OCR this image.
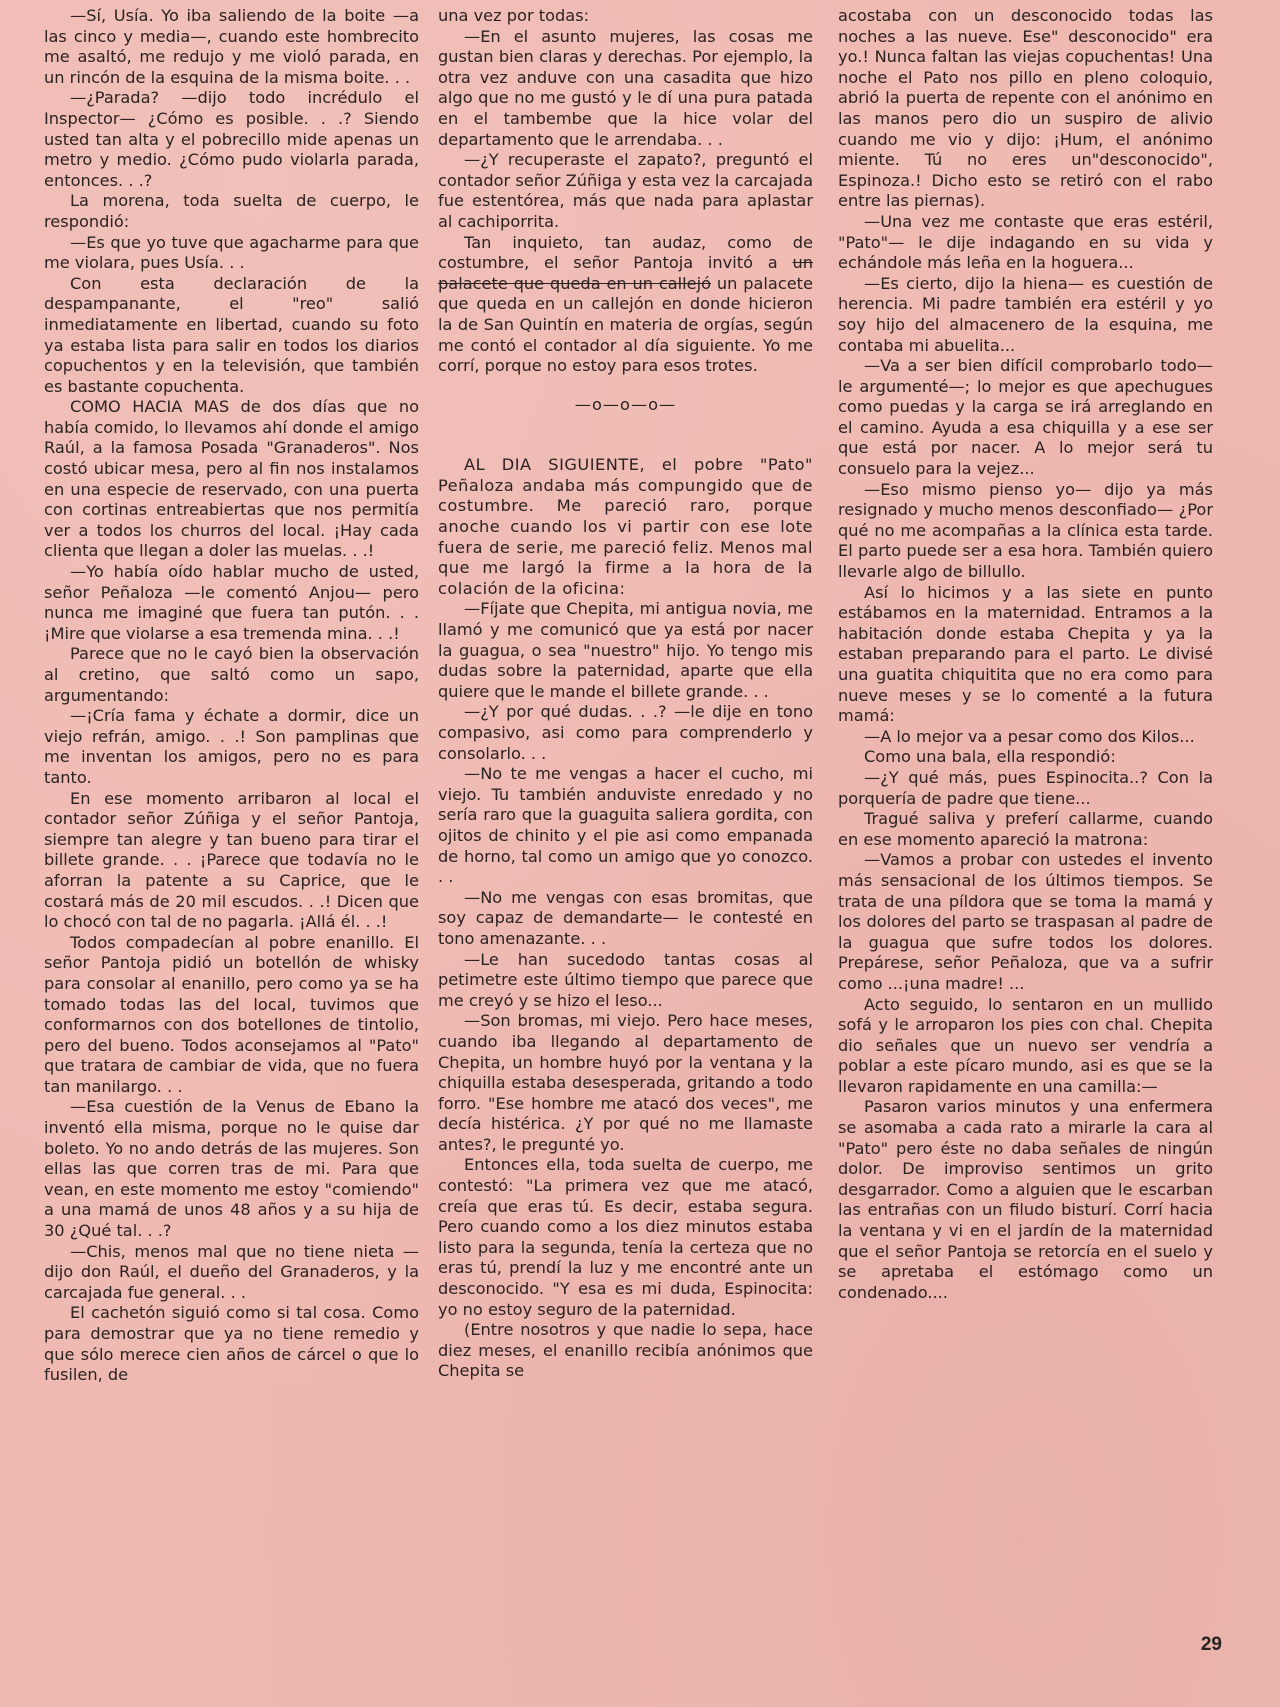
—Sí, Usía. Yo iba saliendo de la boite —a las cinco y media—, cuando este hombrecito me asaltó, me redujo y me violó parada, en un rincón de la esquina de la misma boite. . .

—¿Parada? —dijo todo incrédulo el Inspector— ¿Cómo es posible. . .? Siendo usted tan alta y el pobrecillo mide apenas un metro y medio. ¿Cómo pudo violarla parada, entonces. . .?

La morena, toda suelta de cuerpo, le respondió:

—Es que yo tuve que agacharme para que me violara, pues Usía. . .

Con esta declaración de la despampanante, el "reo" salió inmediatamente en libertad, cuando su foto ya estaba lista para salir en todos los diarios copuchentos y en la televisión, que también es bastante copuchenta.

COMO HACIA MAS de dos días que no había comido, lo llevamos ahí donde el amigo Raúl, a la famosa Posada "Granaderos". Nos costó ubicar mesa, pero al fin nos instalamos en una especie de reservado, con una puerta con cortinas entreabiertas que nos permitía ver a todos los churros del local. ¡Hay cada clienta que llegan a doler las muelas. . .!

—Yo había oído hablar mucho de usted, señor Peñaloza —le comentó Anjou— pero nunca me imaginé que fuera tan putón. . . ¡Mire que violarse a esa tremenda mina. . .!

Parece que no le cayó bien la observación al cretino, que saltó como un sapo, argumentando:

—¡Cría fama y échate a dormir, dice un viejo refrán, amigo. . .! Son pamplinas que me inventan los amigos, pero no es para tanto.

En ese momento arribaron al local el contador señor Zúñiga y el señor Pantoja, siempre tan alegre y tan bueno para tirar el billete grande. . . ¡Parece que todavía no le aforran la patente a su Caprice, que le costará más de 20 mil escudos. . .! Dicen que lo chocó con tal de no pagarla. ¡Allá él. . .!

Todos compadecían al pobre enanillo. El señor Pantoja pidió un botellón de whisky para consolar al enanillo, pero como ya se ha tomado todas las del local, tuvimos que conformarnos con dos botellones de tintolio, pero del bueno. Todos aconsejamos al "Pato" que tratara de cambiar de vida, que no fuera tan manilargo. . .

—Esa cuestión de la Venus de Ebano la inventó ella misma, porque no le quise dar boleto. Yo no ando detrás de las mujeres. Son ellas las que corren tras de mi. Para que vean, en este momento me estoy "comiendo" a una mamá de unos 48 años y a su hija de 30 ¿Qué tal. . .?

—Chis, menos mal que no tiene nieta —dijo don Raúl, el dueño del Granaderos, y la carcajada fue general. . .

El cachetón siguió como si tal cosa. Como para demostrar que ya no tiene remedio y que sólo merece cien años de cárcel o que lo fusilen, de

una vez por todas:

—En el asunto mujeres, las cosas me gustan bien claras y derechas. Por ejemplo, la otra vez anduve con una casadita que hizo algo que no me gustó y le dí una pura patada en el tambembe que la hice volar del departamento que le arrendaba. . .

—¿Y recuperaste el zapato?, preguntó el contador señor Zúñiga y esta vez la carcajada fue estentórea, más que nada para aplastar al cachiporrita.

Tan inquieto, tan audaz, como de costumbre, el señor Pantoja invitó a un palacete que queda en un callejó un palacete que queda en un callejón en donde hicieron la de San Quintín en materia de orgías, según me contó el contador al día siguiente. Yo me corrí, porque no estoy para esos trotes.

—o—o—o—

AL DIA SIGUIENTE, el pobre "Pato" Peñaloza andaba más compungido que de costumbre. Me pareció raro, porque anoche cuando los vi partir con ese lote fuera de serie, me pareció feliz. Menos mal que me largó la firme a la hora de la colación de la oficina:

—Fíjate que Chepita, mi antigua novia, me llamó y me comunicó que ya está por nacer la guagua, o sea "nuestro" hijo. Yo tengo mis dudas sobre la paternidad, aparte que ella quiere que le mande el billete grande. . .

—¿Y por qué dudas. . .? —le dije en tono compasivo, asi como para comprenderlo y consolarlo. . .

—No te me vengas a hacer el cucho, mi viejo. Tu también anduviste enredado y no sería raro que la guaguita saliera gordita, con ojitos de chinito y el pie asi como empanada de horno, tal como un amigo que yo conozco. . .

—No me vengas con esas bromitas, que soy capaz de demandarte— le contesté en tono amenazante. . .

—Le han sucedodo tantas cosas al petimetre este último tiempo que parece que me creyó y se hizo el leso...

—Son bromas, mi viejo. Pero hace meses, cuando iba llegando al departamento de Chepita, un hombre huyó por la ventana y la chiquilla estaba desesperada, gritando a todo forro. "Ese hombre me atacó dos veces", me decía histérica. ¿Y por qué no me llamaste antes?, le pregunté yo.

Entonces ella, toda suelta de cuerpo, me contestó: "La primera vez que me atacó, creía que eras tú. Es decir, estaba segura. Pero cuando como a los diez minutos estaba listo para la segunda, tenía la certeza que no eras tú, prendí la luz y me encontré ante un desconocido. "Y esa es mi duda, Espinocita: yo no estoy seguro de la paternidad.

(Entre nosotros y que nadie lo sepa, hace diez meses, el enanillo recibía anónimos que Chepita se

acostaba con un desconocido todas las noches a las nueve. Ese" desconocido" era yo.! Nunca faltan las viejas copuchentas! Una noche el Pato nos pillo en pleno coloquio, abrió la puerta de repente con el anónimo en las manos pero dio un suspiro de alivio cuando me vio y dijo: ¡Hum, el anónimo miente. Tú no eres un"desconocido", Espinoza.! Dicho esto se retiró con el rabo entre las piernas).

—Una vez me contaste que eras estéril, "Pato"— le dije indagando en su vida y echándole más leña en la hoguera...

—Es cierto, dijo la hiena— es cuestión de herencia. Mi padre también era estéril y yo soy hijo del almacenero de la esquina, me contaba mi abuelita...

—Va a ser bien difícil comprobarlo todo— le argumenté—; lo mejor es que apechugues como puedas y la carga se irá arreglando en el camino. Ayuda a esa chiquilla y a ese ser que está por nacer. A lo mejor será tu consuelo para la vejez...

—Eso mismo pienso yo— dijo ya más resignado y mucho menos desconfiado— ¿Por qué no me acompañas a la clínica esta tarde. El parto puede ser a esa hora. También quiero llevarle algo de billullo.

Así lo hicimos y a las siete en punto estábamos en la maternidad. Entramos a la habitación donde estaba Chepita y ya la estaban preparando para el parto. Le divisé una guatita chiquitita que no era como para nueve meses y se lo comenté a la futura mamá:

—A lo mejor va a pesar como dos Kilos...

Como una bala, ella respondió:

—¿Y qué más, pues Espinocita..? Con la porquería de padre que tiene...

Tragué saliva y preferí callarme, cuando en ese momento apareció la matrona:

—Vamos a probar con ustedes el invento más sensacional de los últimos tiempos. Se trata de una píldora que se toma la mamá y los dolores del parto se traspasan al padre de la guagua que sufre todos los dolores. Prepárese, señor Peñaloza, que va a sufrir como ...¡una madre! ...

Acto seguido, lo sentaron en un mullido sofá y le arroparon los pies con chal. Chepita dio señales que un nuevo ser vendría a poblar a este pícaro mundo, asi es que se la llevaron rapidamente en una camilla:—

Pasaron varios minutos y una enfermera se asomaba a cada rato a mirarle la cara al "Pato" pero éste no daba señales de ningún dolor. De improviso sentimos un grito desgarrador. Como a alguien que le escarban las entrañas con un filudo bisturí. Corrí hacia la ventana y vi en el jardín de la maternidad que el señor Pantoja se retorcía en el suelo y se apretaba el estómago como un condenado....

29
